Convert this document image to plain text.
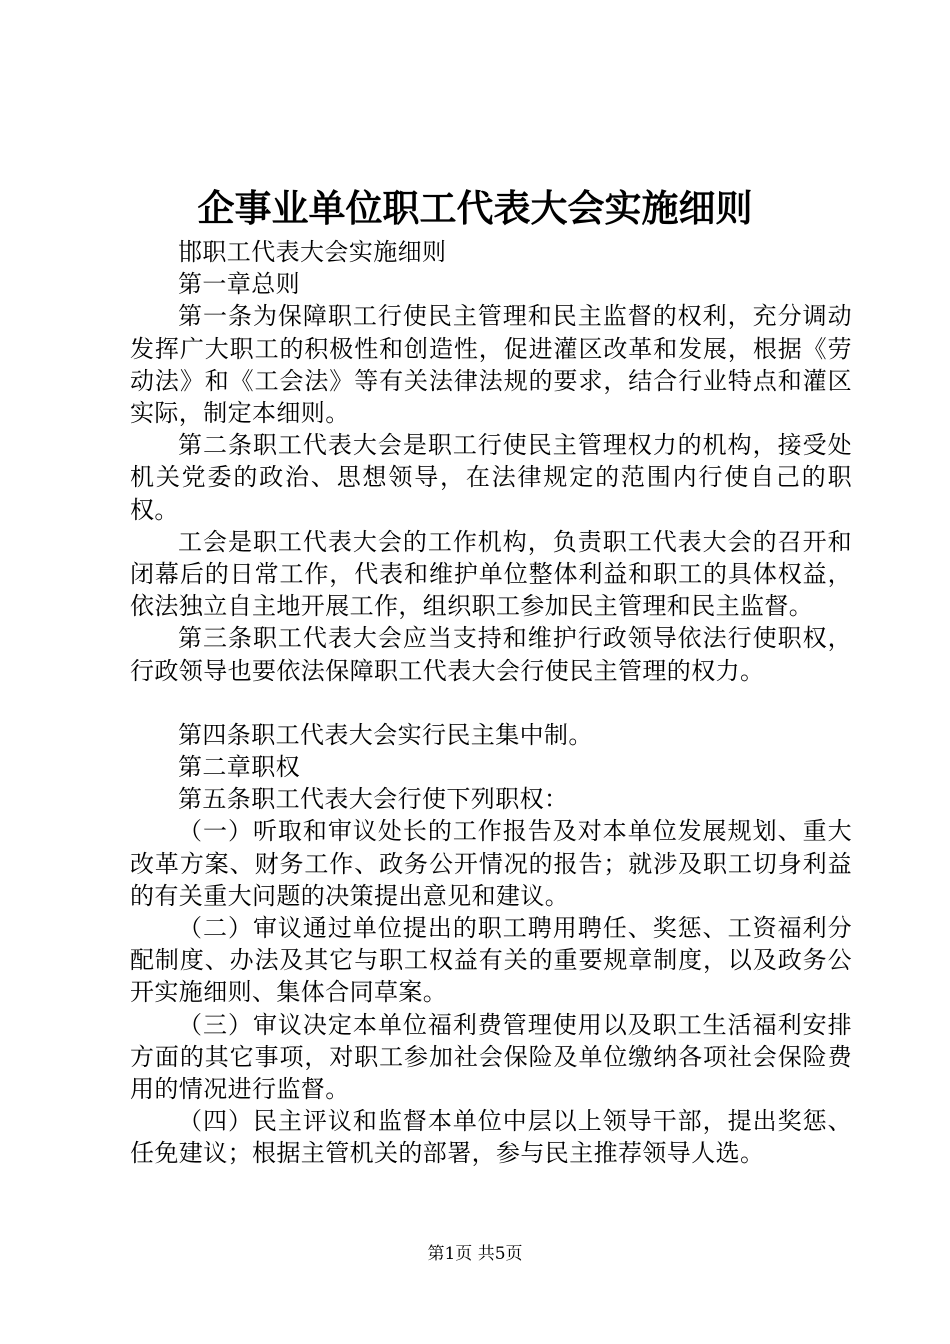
企事业单位职工代表大会实施细则

邯职工代表大会实施细则

第一章总则

第一条为保障职工行使民主管理和民主监督的权利，充分调动发挥广大职工的积极性和创造性，促进灌区改革和发展，根据《劳动法》和《工会法》等有关法律法规的要求，结合行业特点和灌区实际，制定本细则。

第二条职工代表大会是职工行使民主管理权力的机构，接受处机关党委的政治、思想领导，在法律规定的范围内行使自己的职权。

工会是职工代表大会的工作机构，负责职工代表大会的召开和闭幕后的日常工作，代表和维护单位整体利益和职工的具体权益，依法独立自主地开展工作，组织职工参加民主管理和民主监督。

第三条职工代表大会应当支持和维护行政领导依法行使职权，行政领导也要依法保障职工代表大会行使民主管理的权力。

第四条职工代表大会实行民主集中制。

第二章职权

第五条职工代表大会行使下列职权：

（一）听取和审议处长的工作报告及对本单位发展规划、重大改革方案、财务工作、政务公开情况的报告；就涉及职工切身利益的有关重大问题的决策提出意见和建议。

（二）审议通过单位提出的职工聘用聘任、奖惩、工资福利分配制度、办法及其它与职工权益有关的重要规章制度，以及政务公开实施细则、集体合同草案。

（三）审议决定本单位福利费管理使用以及职工生活福利安排方面的其它事项，对职工参加社会保险及单位缴纳各项社会保险费用的情况进行监督。

（四）民主评议和监督本单位中层以上领导干部，提出奖惩、任免建议；根据主管机关的部署，参与民主推荐领导人选。

第1页 共5页
